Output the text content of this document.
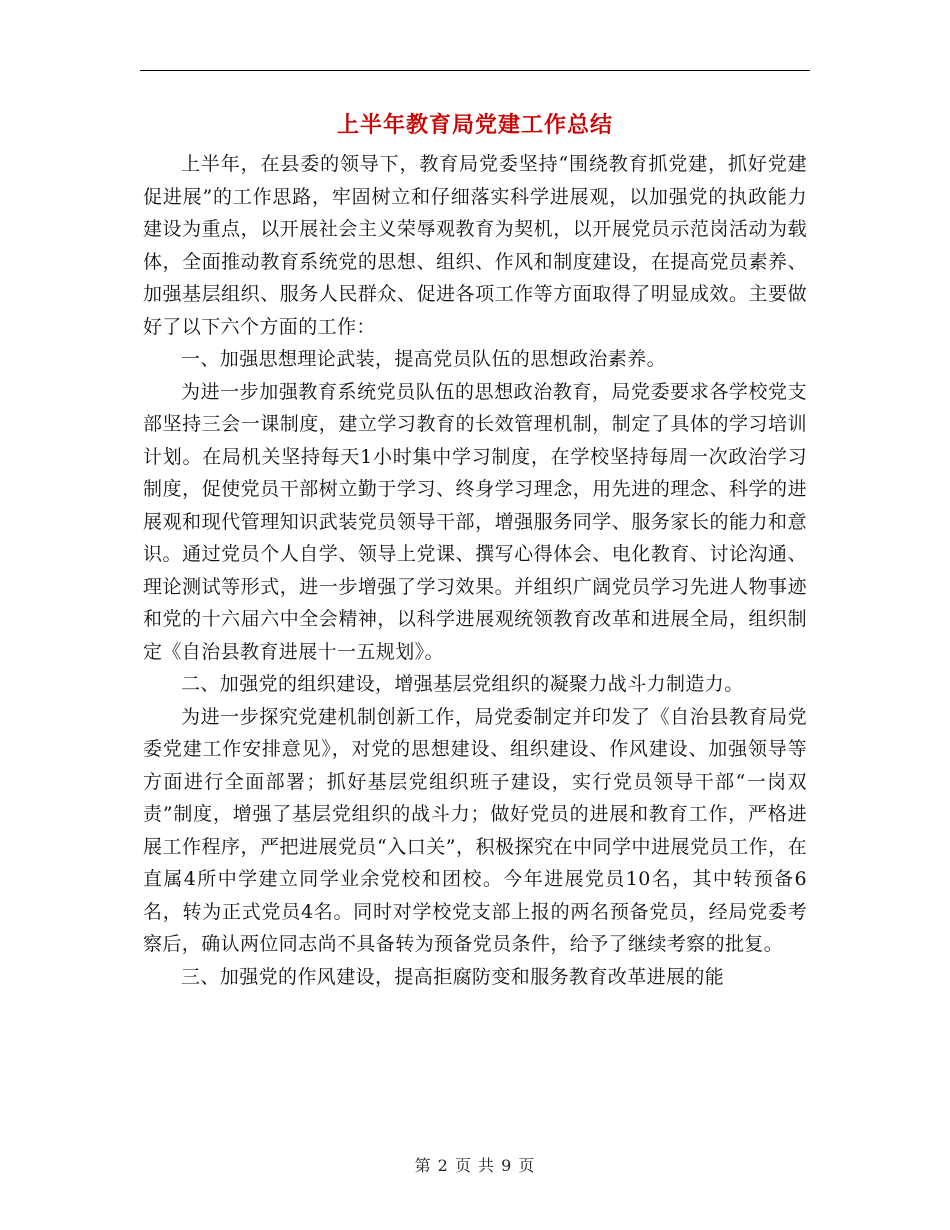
上半年教育局党建工作总结

上半年，在县委的领导下，教育局党委坚持“围绕教育抓党建，抓好党建促进展”的工作思路，牢固树立和仔细落实科学进展观，以加强党的执政能力建设为重点，以开展社会主义荣辱观教育为契机，以开展党员示范岗活动为载体，全面推动教育系统党的思想、组织、作风和制度建设，在提高党员素养、加强基层组织、服务人民群众、促进各项工作等方面取得了明显成效。主要做好了以下六个方面的工作：

一、加强思想理论武装，提高党员队伍的思想政治素养。

为进一步加强教育系统党员队伍的思想政治教育，局党委要求各学校党支部坚持三会一课制度，建立学习教育的长效管理机制，制定了具体的学习培训计划。在局机关坚持每天1小时集中学习制度，在学校坚持每周一次政治学习制度，促使党员干部树立勤于学习、终身学习理念，用先进的理念、科学的进展观和现代管理知识武装党员领导干部，增强服务同学、服务家长的能力和意识。通过党员个人自学、领导上党课、撰写心得体会、电化教育、讨论沟通、理论测试等形式，进一步增强了学习效果。并组织广阔党员学习先进人物事迹和党的十六届六中全会精神，以科学进展观统领教育改革和进展全局，组织制定《自治县教育进展十一五规划》。

二、加强党的组织建设，增强基层党组织的凝聚力战斗力制造力。

为进一步探究党建机制创新工作，局党委制定并印发了《自治县教育局党委党建工作安排意见》，对党的思想建设、组织建设、作风建设、加强领导等方面进行全面部署；抓好基层党组织班子建设，实行党员领导干部“一岗双责”制度，增强了基层党组织的战斗力；做好党员的进展和教育工作，严格进展工作程序，严把进展党员“入口关”，积极探究在中同学中进展党员工作，在直属4所中学建立同学业余党校和团校。今年进展党员10名，其中转预备6名，转为正式党员4名。同时对学校党支部上报的两名预备党员，经局党委考察后，确认两位同志尚不具备转为预备党员条件，给予了继续考察的批复。

三、加强党的作风建设，提高拒腐防变和服务教育改革进展的能

第 2 页 共 9 页
